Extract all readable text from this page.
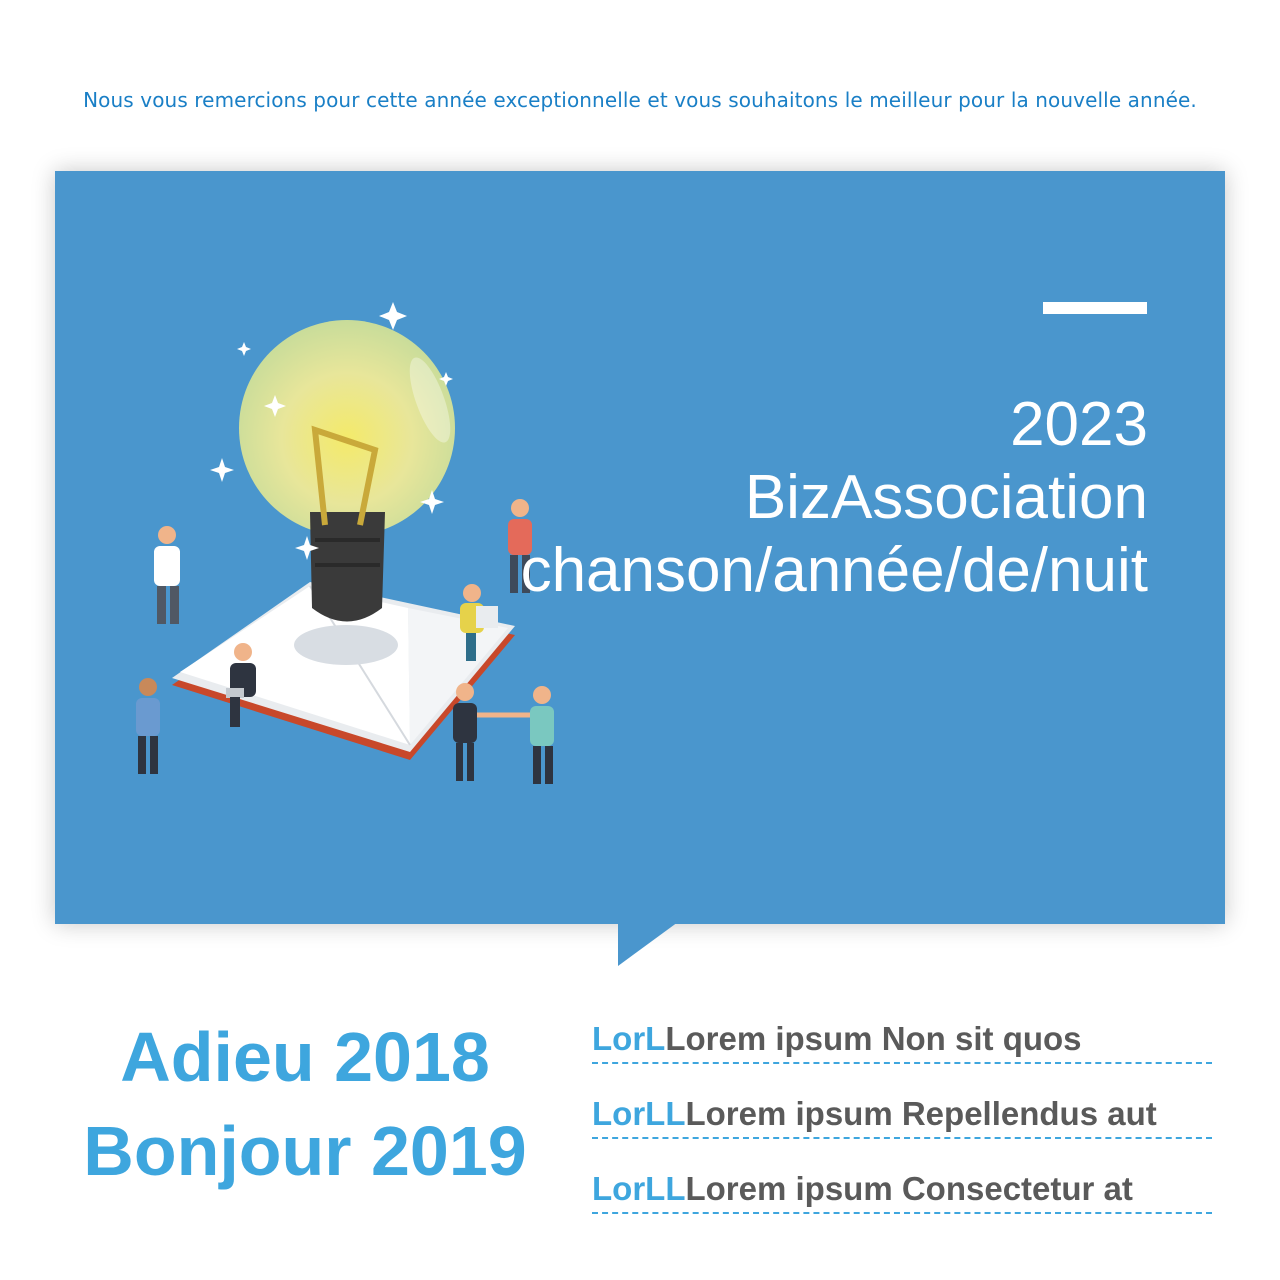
Nous vous remercions pour cette année exceptionnelle et vous souhaitons le meilleur pour la nouvelle année.
2023
BizAssociation
chanson/année/de/nuit
Adieu 2018
Bonjour 2019
LorLLorem ipsum Non sit quos
LorLLLorem ipsum Repellendus aut
LorLLLorem ipsum Consectetur at
